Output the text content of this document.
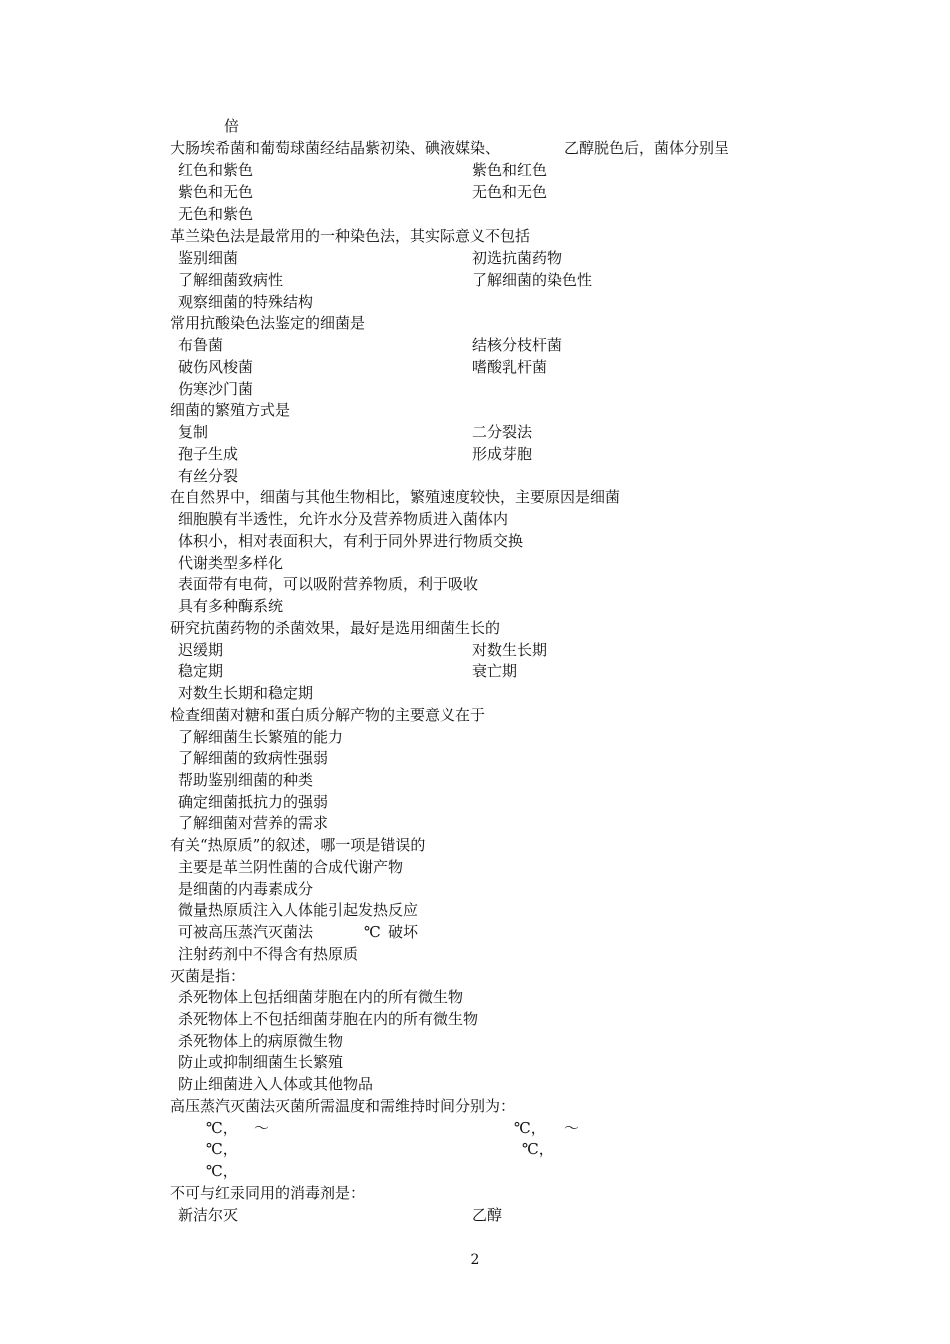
倍
大肠埃希菌和葡萄球菌经结晶紫初染、碘液媒染、	乙醇脱色后，菌体分别呈
红色和紫色	紫色和红色
紫色和无色	无色和无色
无色和紫色
革兰染色法是最常用的一种染色法，其实际意义不包括
鉴别细菌	初选抗菌药物
了解细菌致病性	了解细菌的染色性
观察细菌的特殊结构
常用抗酸染色法鉴定的细菌是
布鲁菌	结核分枝杆菌
破伤风梭菌	嗜酸乳杆菌
伤寒沙门菌
细菌的繁殖方式是
复制	二分裂法
孢子生成	形成芽胞
有丝分裂
在自然界中，细菌与其他生物相比，繁殖速度较快，主要原因是细菌
细胞膜有半透性，允许水分及营养物质进入菌体内
体积小，相对表面积大，有利于同外界进行物质交换
代谢类型多样化
表面带有电荷，可以吸附营养物质，利于吸收
具有多种酶系统
研究抗菌药物的杀菌效果，最好是选用细菌生长的
迟缓期	对数生长期
稳定期	衰亡期
对数生长期和稳定期
检查细菌对糖和蛋白质分解产物的主要意义在于
了解细菌生长繁殖的能力
了解细菌的致病性强弱
帮助鉴别细菌的种类
确定细菌抵抗力的强弱
了解细菌对营养的需求
有关“热原质”的叙述，哪一项是错误的
主要是革兰阴性菌的合成代谢产物
是细菌的内毒素成分
微量热原质注入人体能引起发热反应
可被高压蒸汽灭菌法	℃ 破坏
注射药剂中不得含有热原质
灭菌是指：
杀死物体上包括细菌芽胞在内的所有微生物
杀死物体上不包括细菌芽胞在内的所有微生物
杀死物体上的病原微生物
防止或抑制细菌生长繁殖
防止细菌进入人体或其他物品
高压蒸汽灭菌法灭菌所需温度和需维持时间分别为：
℃， ～	℃， ～
℃，	℃，
℃，
不可与红汞同用的消毒剂是：
新洁尔灭	乙醇
2
